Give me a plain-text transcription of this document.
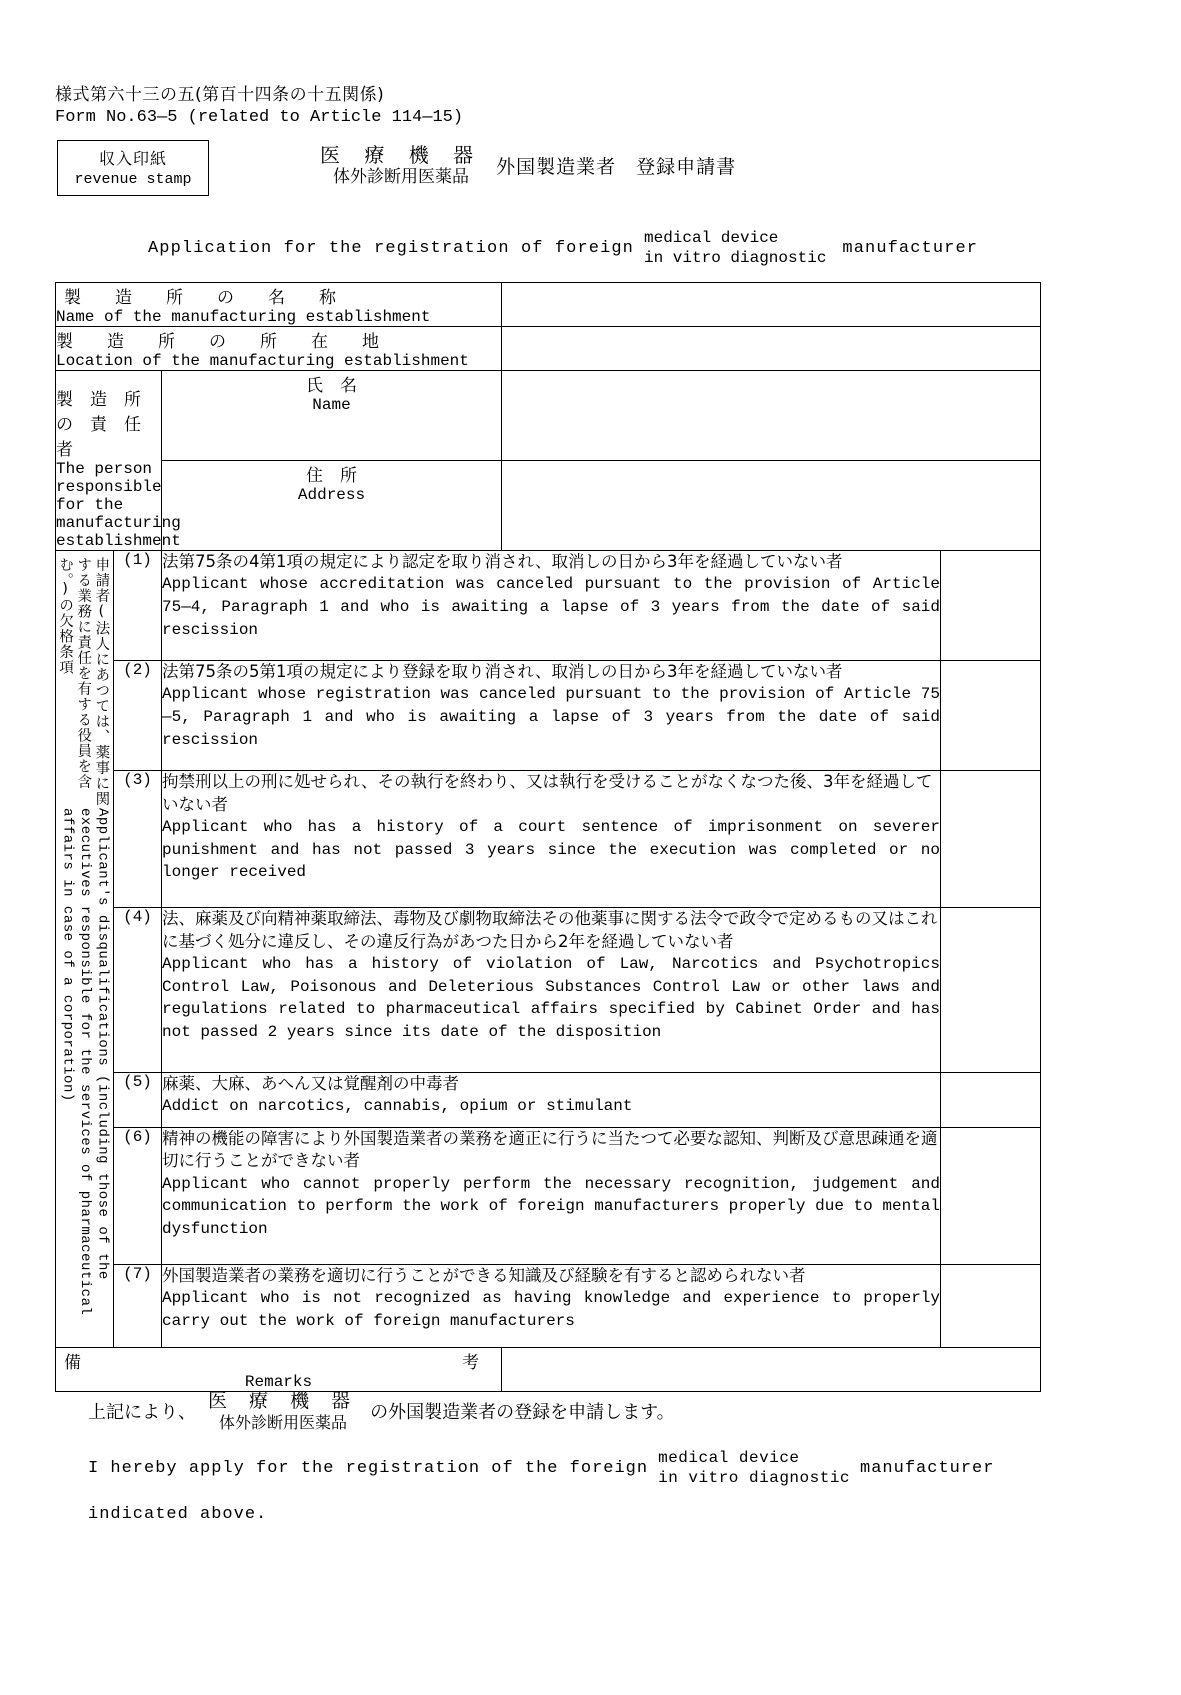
様式第六十三の五(第百十四条の十五関係)
Form No.63—5 (related to Article 114—15)
収入印紙
revenue stamp
医 療 機 器
体外診断用医薬品	外国製造業者　登録申請書
Application for the registration of foreign
medical device
in vitro diagnostic
manufacturer
製　　造　　所　　の　　名　　称
Name of the manufacturing establishment				

製　　造　　所　　の　　所　　在　　地
Location of the manufacturing establishment				

製　造　所　の　責　任　者
The person responsible for the
manufacturing establishment

氏　名
Name

		住　所
Address		

申請者(法人にあつては、薬事に関する業務に責任を有する役員を含む。)の欠格条項
Applicant's disqualifications (including those of the executives responsible for the services of pharmaceutical affairs in case of a corporation)
	(1)	法第75条の4第1項の規定により認定を取り消され、取消しの日から3年を経過していない者
Applicant whose accreditation was canceled pursuant to the provision of Article 75—4, Paragraph 1 and who is awaiting a lapse of 3 years from the date of said rescission

	(2)	法第75条の5第1項の規定により登録を取り消され、取消しの日から3年を経過していない者
Applicant whose registration was canceled pursuant to the provision of Article 75—5, Paragraph 1 and who is awaiting a lapse of 3 years from the date of said rescission		

	(3)	拘禁刑以上の刑に処せられ、その執行を終わり、又は執行を受けることがなくなつた後、3年を経過していない者
Applicant who has a history of a court sentence of imprisonment on severer punishment and has not passed 3 years since the execution was completed or no longer received		

	(4)	法、麻薬及び向精神薬取締法、毒物及び劇物取締法その他薬事に関する法令で政令で定めるもの又はこれに基づく処分に違反し、その違反行為があつた日から2年を経過していない者
Applicant who has a history of violation of Law, Narcotics and Psychotropics Control Law, Poisonous and Deleterious Substances Control Law or other laws and regulations related to pharmaceutical affairs specified by Cabinet Order and has not passed 2 years since its date of the disposition		

	(5)	麻薬、大麻、あへん又は覚醒剤の中毒者
Addict on narcotics, cannabis, opium or stimulant		

	(6)	精神の機能の障害により外国製造業者の業務を適正に行うに当たつて必要な認知、判断及び意思疎通を適切に行うことができない者
Applicant who cannot properly perform the necessary recognition, judgement and communication to perform the work of foreign manufacturers properly due to mental dysfunction		

	(7)	外国製造業者の業務を適切に行うことができる知識及び経験を有すると認められない者
Applicant who is not recognized as having knowledge and experience to properly carry out the work of foreign manufacturers		

備 考
Remarks				

上記により、
医 療 機 器
体外診断用医薬品	の外国製造業者の登録を申請します。
I hereby apply for the registration of the foreign
medical device
in vitro diagnostic
manufacturer
indicated above.
